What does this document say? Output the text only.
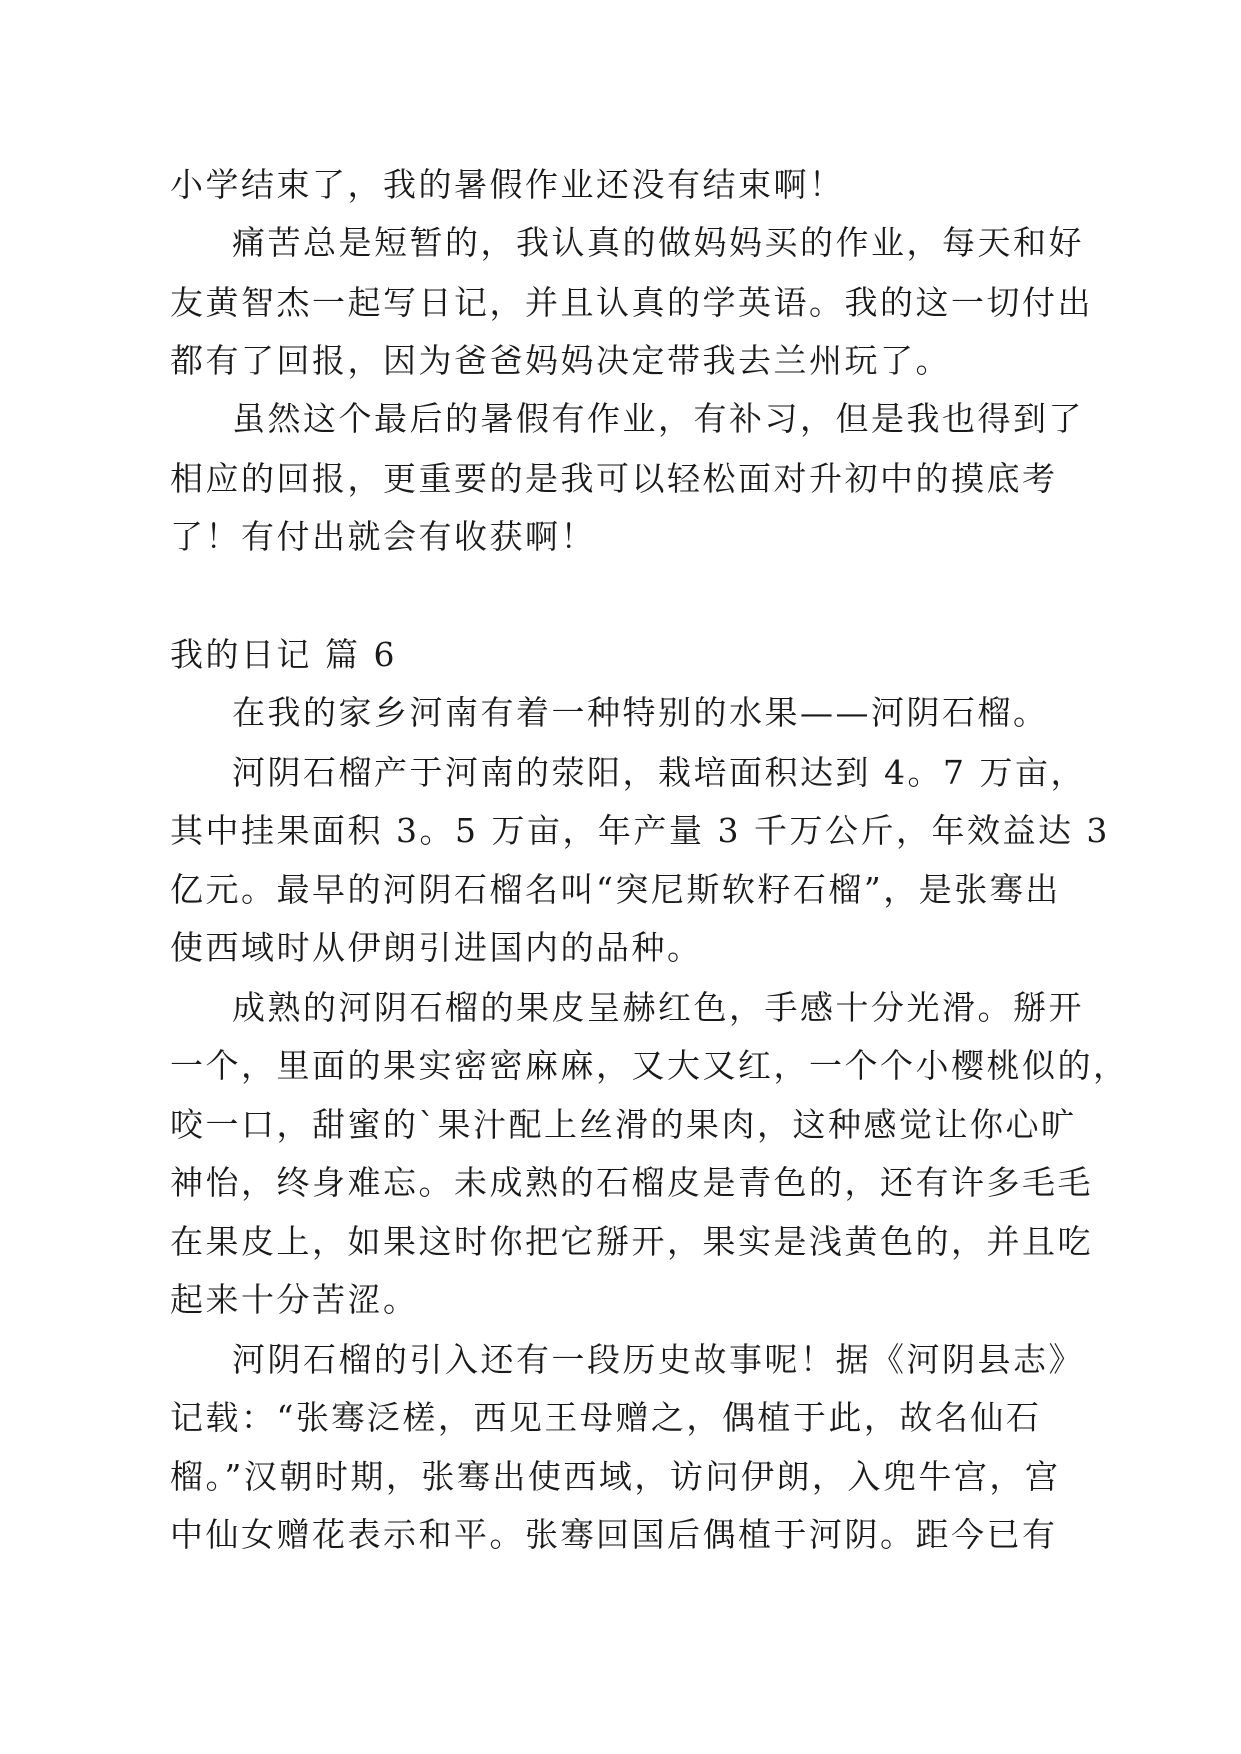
小学结束了，我的暑假作业还没有结束啊！
痛苦总是短暂的，我认真的做妈妈买的作业，每天和好
友黄智杰一起写日记，并且认真的学英语。我的这一切付出
都有了回报，因为爸爸妈妈决定带我去兰州玩了。
虽然这个最后的暑假有作业，有补习，但是我也得到了
相应的回报，更重要的是我可以轻松面对升初中的摸底考
了！有付出就会有收获啊！
我的日记 篇 6
在我的家乡河南有着一种特别的水果——河阴石榴。
河阴石榴产于河南的荥阳，栽培面积达到 4。7 万亩，
其中挂果面积 3。5 万亩，年产量 3 千万公斤，年效益达 3
亿元。最早的河阴石榴名叫“突尼斯软籽石榴”，是张骞出
使西域时从伊朗引进国内的品种。
成熟的河阴石榴的果皮呈赫红色，手感十分光滑。掰开
一个，里面的果实密密麻麻，又大又红，一个个小樱桃似的，
咬一口，甜蜜的`果汁配上丝滑的果肉，这种感觉让你心旷
神怡，终身难忘。未成熟的石榴皮是青色的，还有许多毛毛
在果皮上，如果这时你把它掰开，果实是浅黄色的，并且吃
起来十分苦涩。
河阴石榴的引入还有一段历史故事呢！据《河阴县志》
记载：“张骞泛槎，西见王母赠之，偶植于此，故名仙石
榴。”汉朝时期，张骞出使西域，访问伊朗，入兜牛宫，宫
中仙女赠花表示和平。张骞回国后偶植于河阴。距今已有
